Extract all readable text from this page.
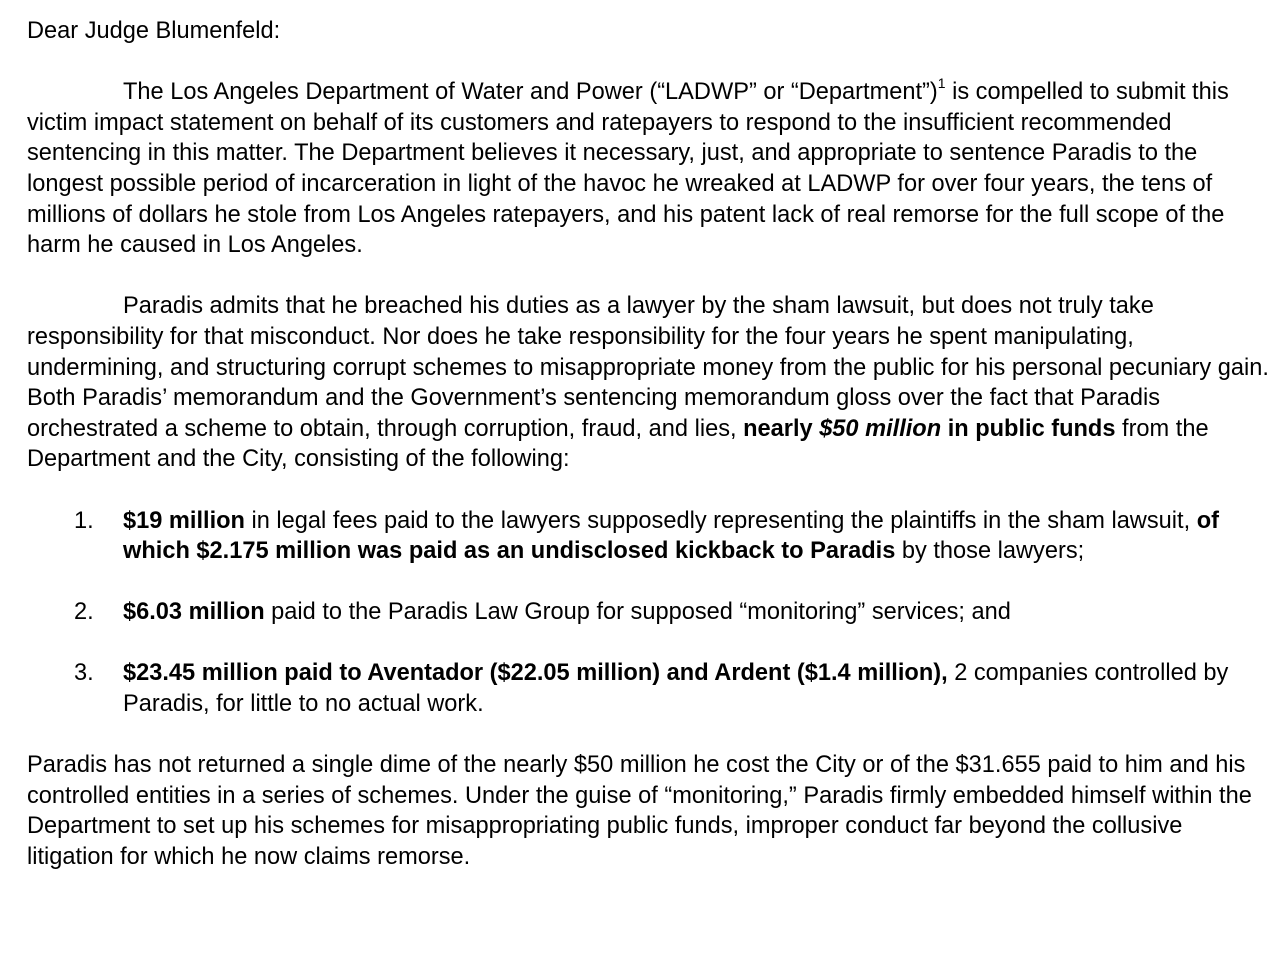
Dear Judge Blumenfeld:

The Los Angeles Department of Water and Power (“LADWP” or “Department”)$^1$ is compelled to submit this victim impact statement on behalf of its customers and ratepayers to respond to the insufficient recommended sentencing in this matter. The Department believes it necessary, just, and appropriate to sentence Paradis to the longest possible period of incarceration in light of the havoc he wreaked at LADWP for over four years, the tens of millions of dollars he stole from Los Angeles ratepayers, and his patent lack of real remorse for the full scope of the harm he caused in Los Angeles.

Paradis admits that he breached his duties as a lawyer by the sham lawsuit, but does not truly take responsibility for that misconduct. Nor does he take responsibility for the four years he spent manipulating, undermining, and structuring corrupt schemes to misappropriate money from the public for his personal pecuniary gain. Both Paradis’ memorandum and the Government’s sentencing memorandum gloss over the fact that Paradis orchestrated a scheme to obtain, through corruption, fraud, and lies, nearly $50 million in public funds from the Department and the City, consisting of the following:

1. $19 million in legal fees paid to the lawyers supposedly representing the plaintiffs in the sham lawsuit, of which $2.175 million was paid as an undisclosed kickback to Paradis by those lawyers;
2. $6.03 million paid to the Paradis Law Group for supposed “monitoring” services; and
3. $23.45 million paid to Aventador ($22.05 million) and Ardent ($1.4 million), 2 companies controlled by Paradis, for little to no actual work.

Paradis has not returned a single dime of the nearly $50 million he cost the City or of the $31.655 paid to him and his controlled entities in a series of schemes. Under the guise of “monitoring,” Paradis firmly embedded himself within the Department to set up his schemes for misappropriating public funds, improper conduct far beyond the collusive litigation for which he now claims remorse.
